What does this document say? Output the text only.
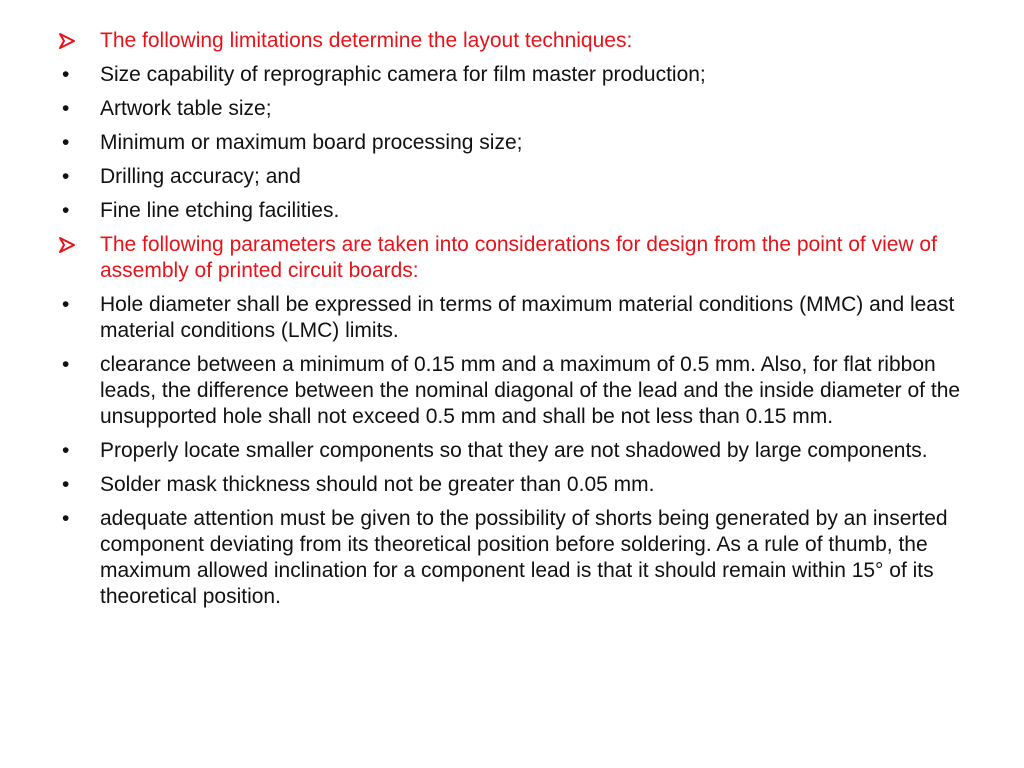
The following limitations determine the layout techniques:
•	Size capability of reprographic camera for film master production;
•	Artwork table size;
•	Minimum or maximum board processing size;
•	Drilling accuracy; and
•	Fine line etching facilities.
The following parameters are taken into considerations for design from the point of view of assembly of printed circuit boards:
•	Hole diameter shall be expressed in terms of maximum material conditions (MMC) and least material conditions (LMC) limits.
•	clearance between a minimum of 0.15 mm and a maximum of 0.5 mm. Also, for flat ribbon leads, the difference between the nominal diagonal of the lead and the inside diameter of the unsupported hole shall not exceed 0.5 mm and shall be not less than 0.15 mm.
•	Properly locate smaller components so that they are not shadowed by large components.
•	Solder mask thickness should not be greater than 0.05 mm.
•	adequate attention must be given to the possibility of shorts being generated by an inserted component deviating from its theoretical position before soldering. As a rule of thumb, the maximum allowed inclination for a component lead is that it should remain within 15° of its theoretical position.
